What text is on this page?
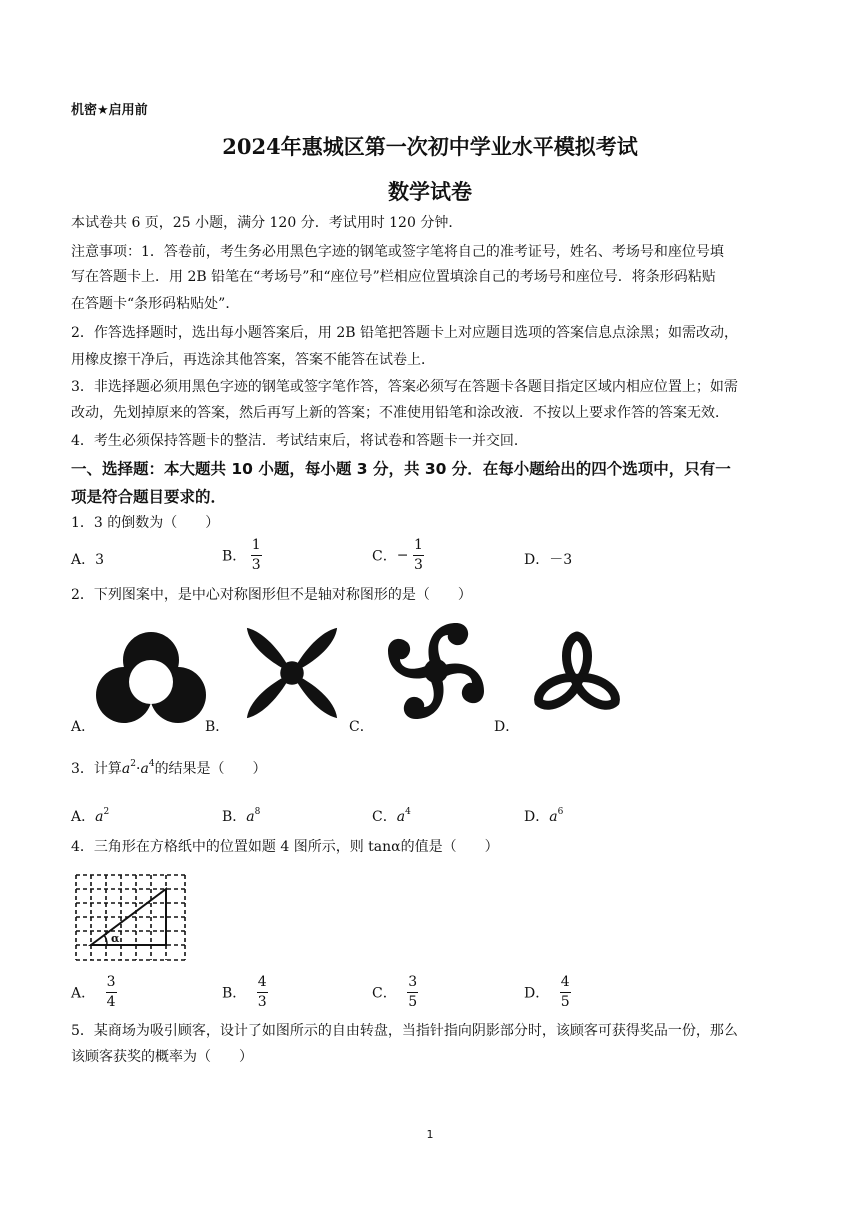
机密★启用前
2024年惠城区第一次初中学业水平模拟考试
数学试卷
本试卷共 6 页，25 小题，满分 120 分．考试用时 120 分钟．
注意事项：1．答卷前，考生务必用黑色字迹的钢笔或签字笔将自己的准考证号，姓名、考场号和座位号填
写在答题卡上．用 2B 铅笔在“考场号”和“座位号”栏相应位置填涂自己的考场号和座位号．将条形码粘贴
在答题卡“条形码粘贴处”．
2．作答选择题时，选出每小题答案后，用 2B 铅笔把答题卡上对应题目选项的答案信息点涂黑；如需改动，
用橡皮擦干净后，再选涂其他答案，答案不能答在试卷上．
3．非选择题必须用黑色字迹的钢笔或签字笔作答，答案必须写在答题卡各题目指定区域内相应位置上；如需
改动，先划掉原来的答案，然后再写上新的答案；不准使用铅笔和涂改液．不按以上要求作答的答案无效．
4．考生必须保持答题卡的整洁．考试结束后，将试卷和答题卡一并交回．
一、选择题：本大题共 10 小题，每小题 3 分，共 30 分．在每小题给出的四个选项中，只有一
项是符合题目要求的．
1．3 的倒数为（　　）
A．3	B． $\frac{1}{3}$	C．− $\frac{1}{3}$	D．－3
2．下列图案中，是中心对称图形但不是轴对称图形的是（　　）
A．	B．	C．	D．
3．计算$a^2\cdot a^4$的结果是（　　）
A．$a^2$	B．$a^8$	C．$a^4$	D．$a^6$
4．三角形在方格纸中的位置如题 4 图所示，则 tanα的值是（　　）
α
A． $\frac{3}{4}$	B． $\frac{4}{3}$	C． $\frac{3}{5}$	D． $\frac{4}{5}$
5．某商场为吸引顾客，设计了如图所示的自由转盘，当指针指向阴影部分时，该顾客可获得奖品一份，那么
该顾客获奖的概率为（　　）
1
